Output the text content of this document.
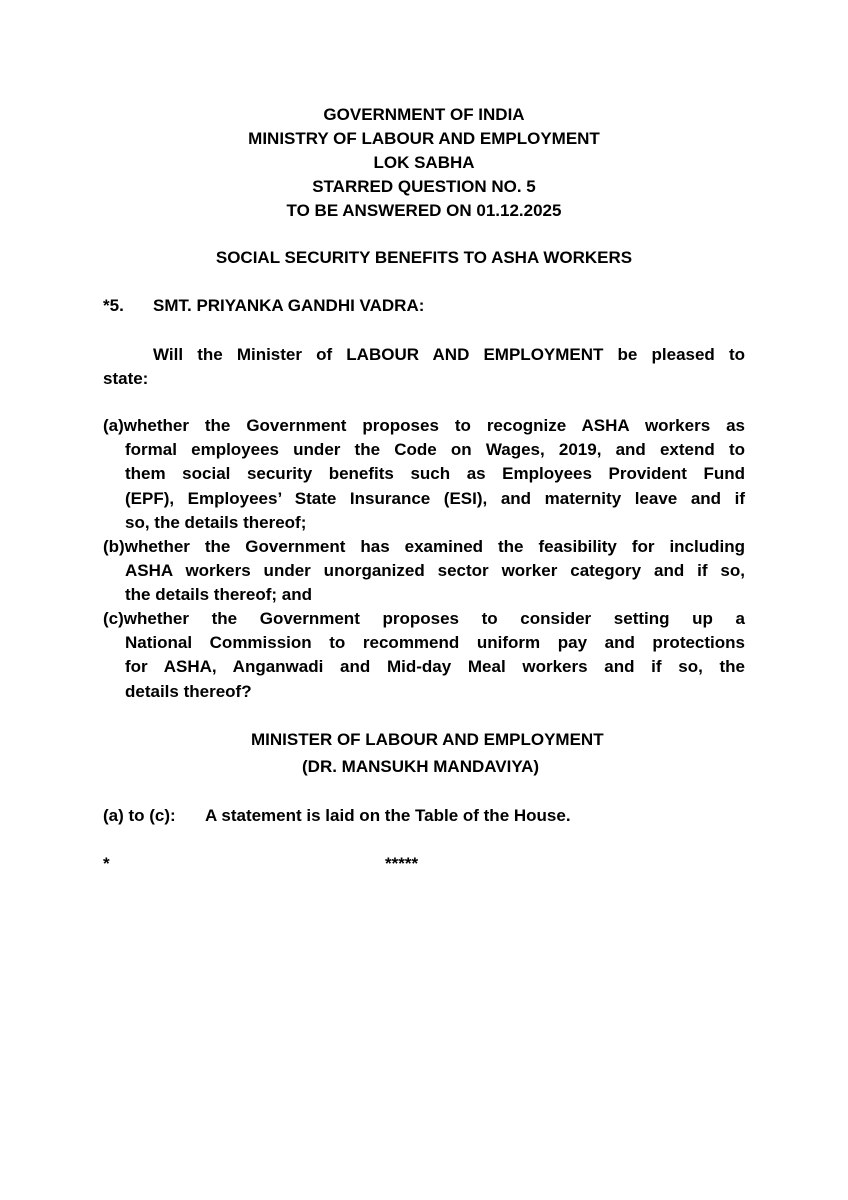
GOVERNMENT OF INDIA
MINISTRY OF LABOUR AND EMPLOYMENT
LOK SABHA
STARRED QUESTION NO. 5
TO BE ANSWERED ON 01.12.2025
SOCIAL SECURITY BENEFITS TO ASHA WORKERS
*5. SMT. PRIYANKA GANDHI VADRA:
Will the Minister of LABOUR AND EMPLOYMENT be pleased to
state:
(a) whether the Government proposes to recognize ASHA workers as
formal employees under the Code on Wages, 2019, and extend to
them social security benefits such as Employees Provident Fund
(EPF), Employees’ State Insurance (ESI), and maternity leave and if
so, the details thereof;
(b) whether the Government has examined the feasibility for including
ASHA workers under unorganized sector worker category and if so,
the details thereof; and
(c) whether the Government proposes to consider setting up a
National Commission to recommend uniform pay and protections
for ASHA, Anganwadi and Mid-day Meal workers and if so, the
details thereof?
MINISTER OF LABOUR AND EMPLOYMENT
(DR. MANSUKH MANDAVIYA)
(a) to (c): A statement is laid on the Table of the House.
*	*****
